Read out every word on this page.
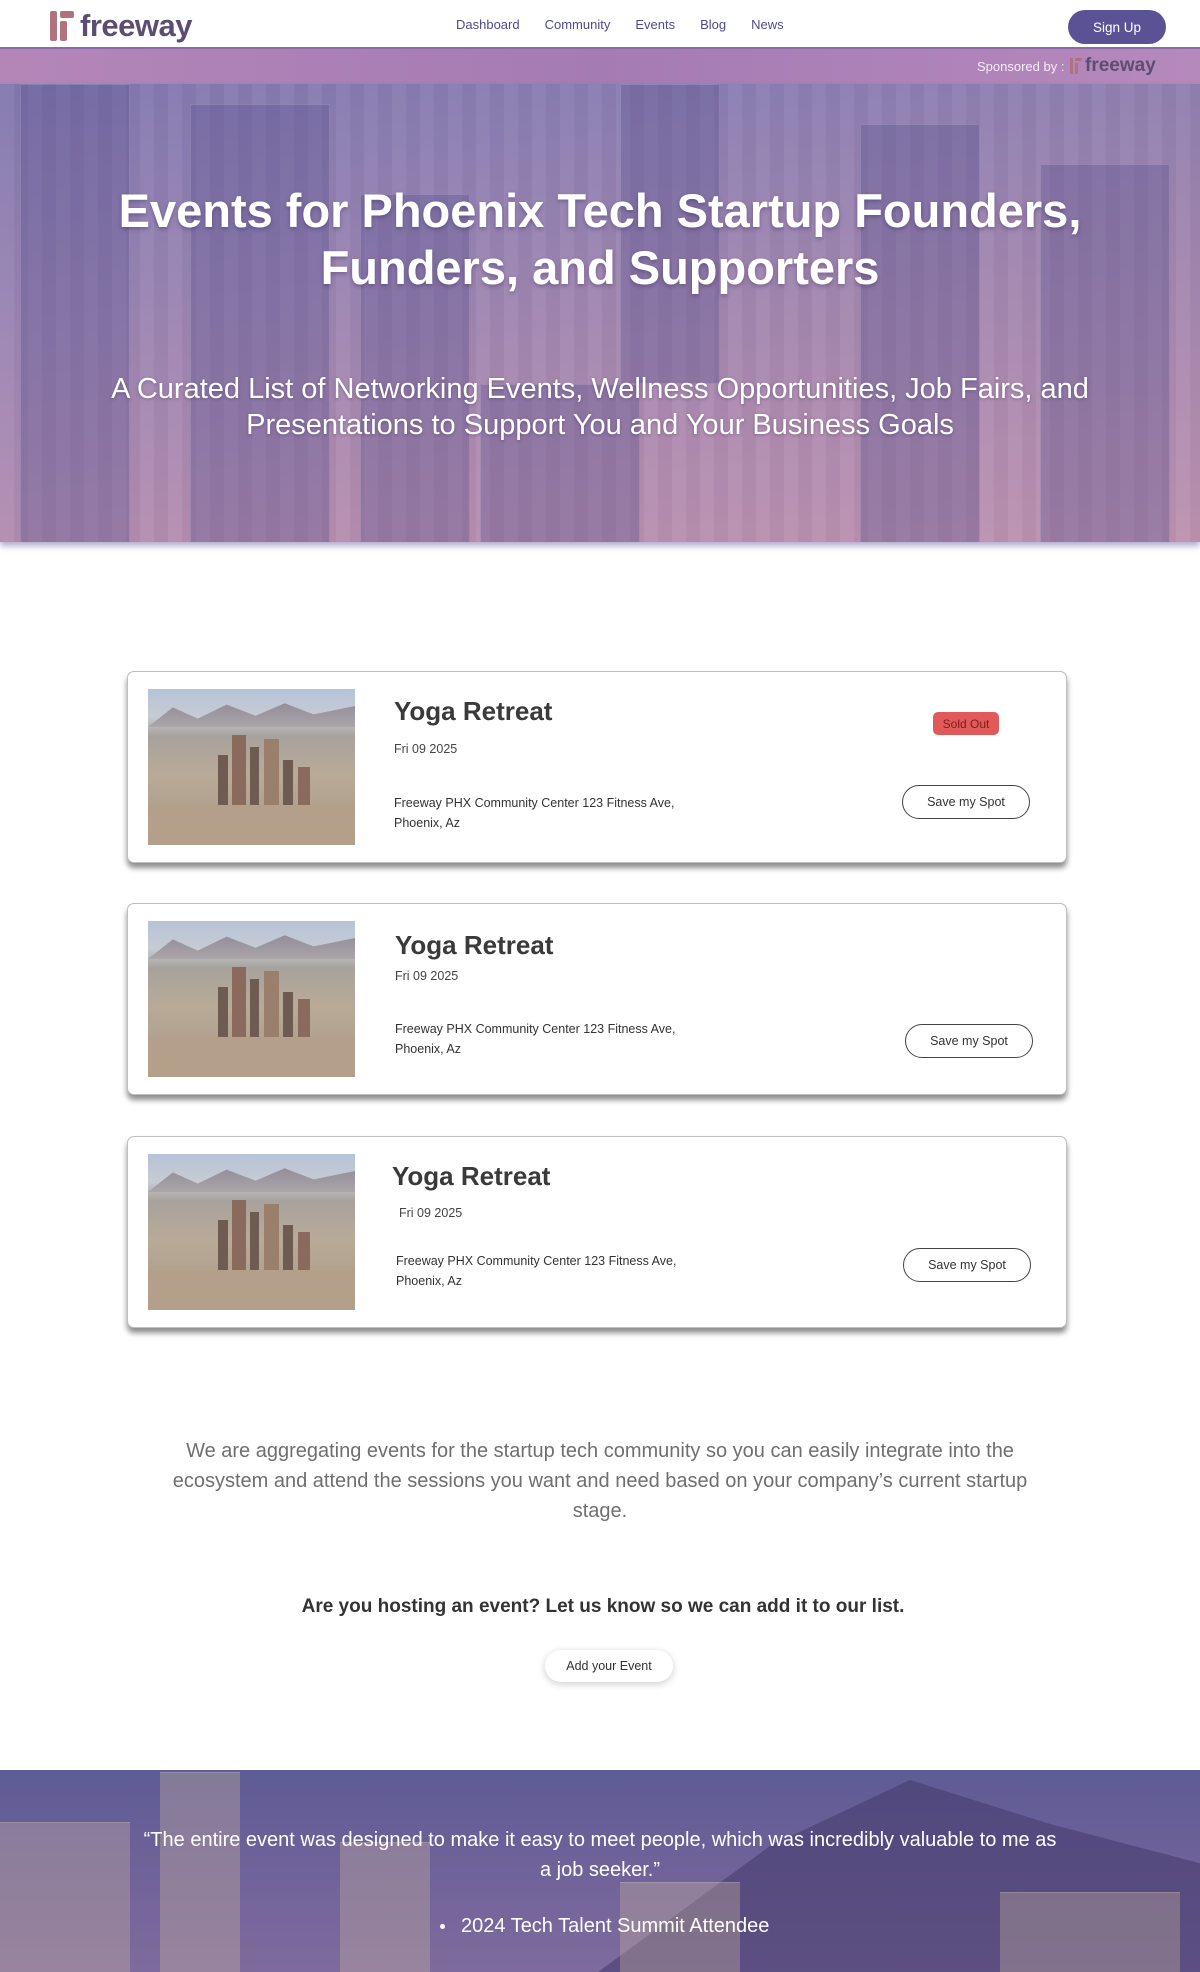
freeway	Dashboard Community Events Blog News	Sign Up
Sponsored by : freeway
Events for Phoenix Tech Startup Founders, Funders, and Supporters

A Curated List of Networking Events, Wellness Opportunities, Job Fairs, and Presentations to Support You and Your Business Goals

Yoga Retreat
Fri 09 2025
Freeway PHX Community Center 123 Fitness Ave, Phoenix, Az
Sold Out
Save my Spot
Yoga Retreat
Fri 09 2025
Freeway PHX Community Center 123 Fitness Ave, Phoenix, Az
Save my Spot
Yoga Retreat
Fri 09 2025
Freeway PHX Community Center 123 Fitness Ave, Phoenix, Az
Save my Spot

We are aggregating events for the startup tech community so you can easily integrate into the ecosystem and attend the sessions you want and need based on your company’s current startup stage.

Are you hosting an event? Let us know so we can add it to our list.

Add your Event

“The entire event was designed to make it easy to meet people, which was incredibly valuable to me as a job seeker.”

2024 Tech Talent Summit Attendee
